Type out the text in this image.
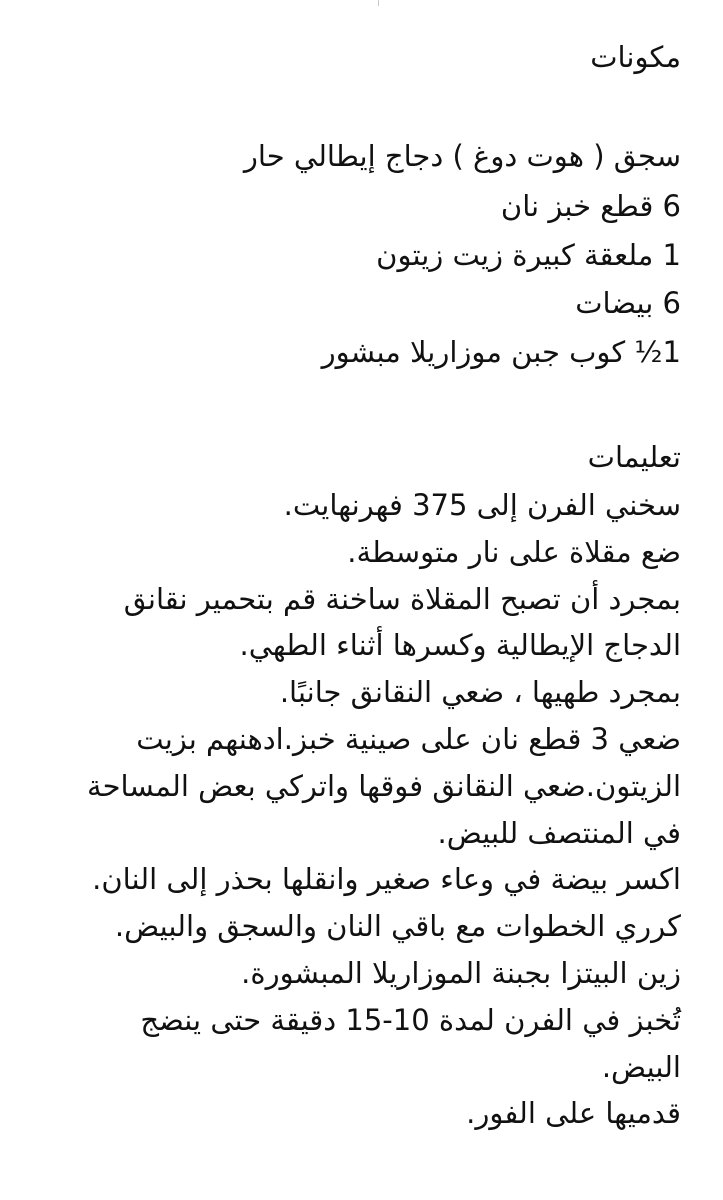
مكونات

سجق ( هوت دوغ ) دجاج إيطالي حار

6 قطع خبز نان

1 ملعقة كبيرة زيت زيتون

6 بيضات

1½ كوب جبن موزاريلا مبشور

تعليمات

سخني الفرن إلى 375 فهرنهايت.

ضع مقلاة على نار متوسطة.

بمجرد أن تصبح المقلاة ساخنة قم بتحمير نقانق

الدجاج الإيطالية وكسرها أثناء الطهي.

بمجرد طهيها ، ضعي النقانق جانبًا.

ضعي 3 قطع نان على صينية خبز.ادهنهم بزيت

الزيتون.ضعي النقانق فوقها واتركي بعض المساحة

في المنتصف للبيض.

اكسر بيضة في وعاء صغير وانقلها بحذر إلى النان.

كرري الخطوات مع باقي النان والسجق والبيض.

زين البيتزا بجبنة الموزاريلا المبشورة.

تُخبز في الفرن لمدة 10-15 دقيقة حتى ينضج

البيض.

قدميها على الفور.
